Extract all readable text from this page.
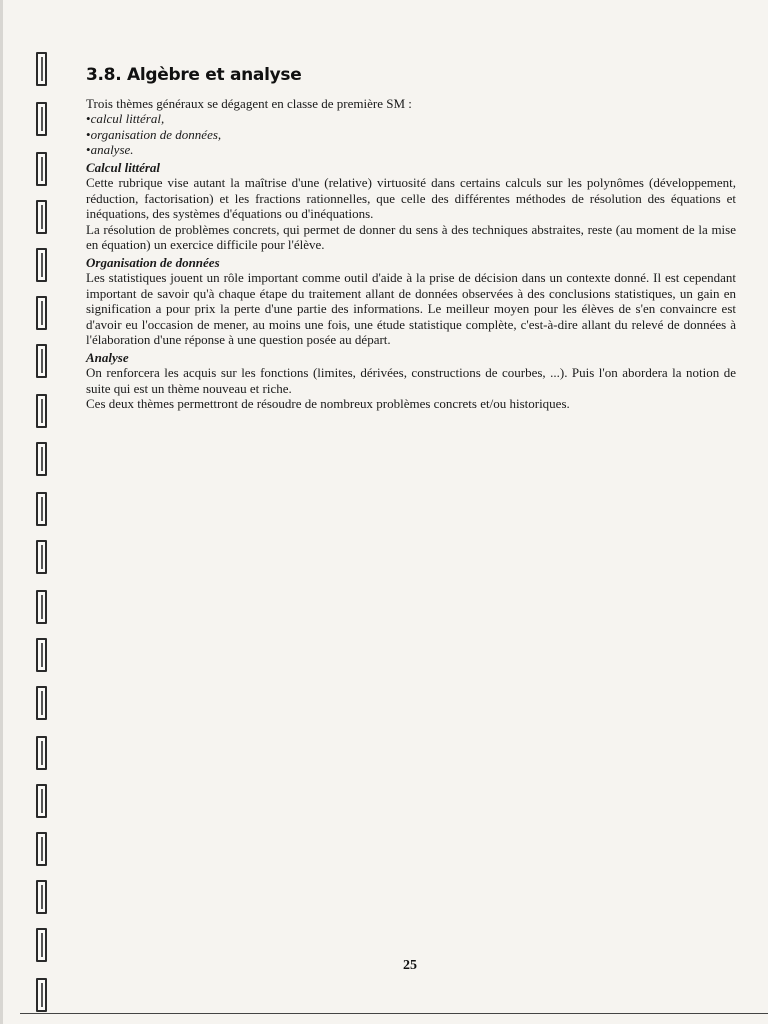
3.8. Algèbre et analyse

Trois thèmes généraux se dégagent en classe de première SM :

• calcul littéral,
• organisation de données,
• analyse.
Calcul littéral

Cette rubrique vise autant la maîtrise d'une (relative) virtuosité dans certains calculs sur les polynômes (développement, réduction, factorisation) et les fractions rationnelles, que celle des différentes méthodes de résolution des équations et inéquations, des systèmes d'équations ou d'inéquations.

La résolution de problèmes concrets, qui permet de donner du sens à des techniques abstraites, reste (au moment de la mise en équation) un exercice difficile pour l'élève.

Organisation de données

Les statistiques jouent un rôle important comme outil d'aide à la prise de décision dans un contexte donné. Il est cependant important de savoir qu'à chaque étape du traitement allant de données observées à des conclusions statistiques, un gain en signification a pour prix la perte d'une partie des informations. Le meilleur moyen pour les élèves de s'en convaincre est d'avoir eu l'occasion de mener, au moins une fois, une étude statistique complète, c'est-à-dire allant du relevé de données à l'élaboration d'une réponse à une question posée au départ.

Analyse

On renforcera les acquis sur les fonctions (limites, dérivées, constructions de courbes, ...). Puis l'on abordera la notion de suite qui est un thème nouveau et riche.

Ces deux thèmes permettront de résoudre de nombreux problèmes concrets et/ou historiques.

25
